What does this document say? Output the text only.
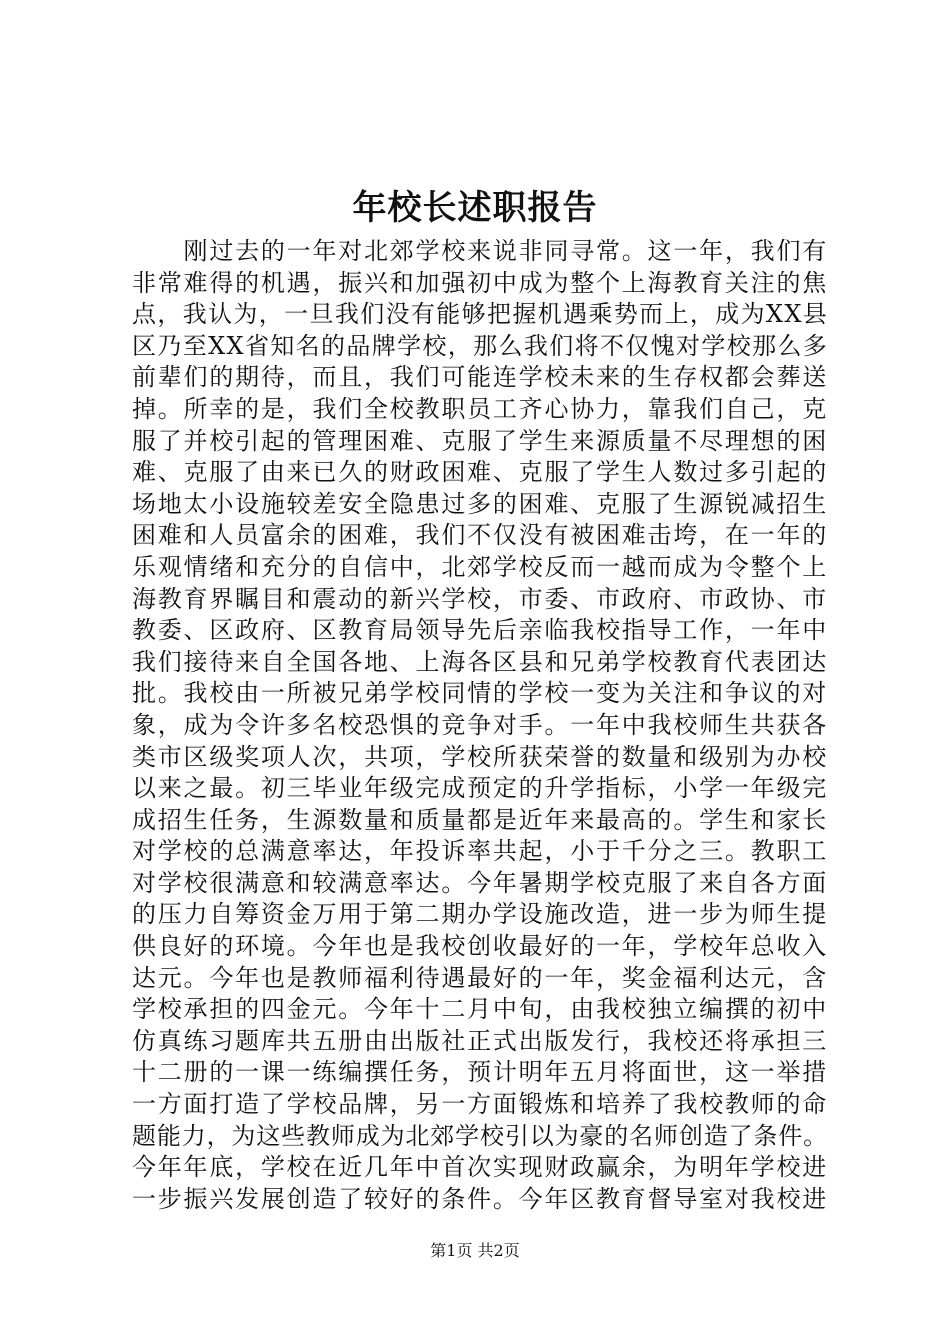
年校长述职报告
　　刚过去的一年对北郊学校来说非同寻常。这一年，我们有
非常难得的机遇，振兴和加强初中成为整个上海教育关注的焦
点，我认为，一旦我们没有能够把握机遇乘势而上，成为XX县
区乃至XX省知名的品牌学校，那么我们将不仅愧对学校那么多
前辈们的期待，而且，我们可能连学校未来的生存权都会葬送
掉。所幸的是，我们全校教职员工齐心协力，靠我们自己，克
服了并校引起的管理困难、克服了学生来源质量不尽理想的困
难、克服了由来已久的财政困难、克服了学生人数过多引起的
场地太小设施较差安全隐患过多的困难、克服了生源锐减招生
困难和人员富余的困难，我们不仅没有被困难击垮，在一年的
乐观情绪和充分的自信中，北郊学校反而一越而成为令整个上
海教育界瞩目和震动的新兴学校，市委、市政府、市政协、市
教委、区政府、区教育局领导先后亲临我校指导工作，一年中
我们接待来自全国各地、上海各区县和兄弟学校教育代表团达
批。我校由一所被兄弟学校同情的学校一变为关注和争议的对
象，成为令许多名校恐惧的竞争对手。一年中我校师生共获各
类市区级奖项人次，共项，学校所获荣誉的数量和级别为办校
以来之最。初三毕业年级完成预定的升学指标，小学一年级完
成招生任务，生源数量和质量都是近年来最高的。学生和家长
对学校的总满意率达，年投诉率共起，小于千分之三。教职工
对学校很满意和较满意率达。今年暑期学校克服了来自各方面
的压力自筹资金万用于第二期办学设施改造，进一步为师生提
供良好的环境。今年也是我校创收最好的一年，学校年总收入
达元。今年也是教师福利待遇最好的一年，奖金福利达元，含
学校承担的四金元。今年十二月中旬，由我校独立编撰的初中
仿真练习题库共五册由出版社正式出版发行，我校还将承担三
十二册的一课一练编撰任务，预计明年五月将面世，这一举措
一方面打造了学校品牌，另一方面锻炼和培养了我校教师的命
题能力，为这些教师成为北郊学校引以为豪的名师创造了条件。
今年年底，学校在近几年中首次实现财政赢余，为明年学校进
一步振兴发展创造了较好的条件。今年区教育督导室对我校进
第1页 共2页
